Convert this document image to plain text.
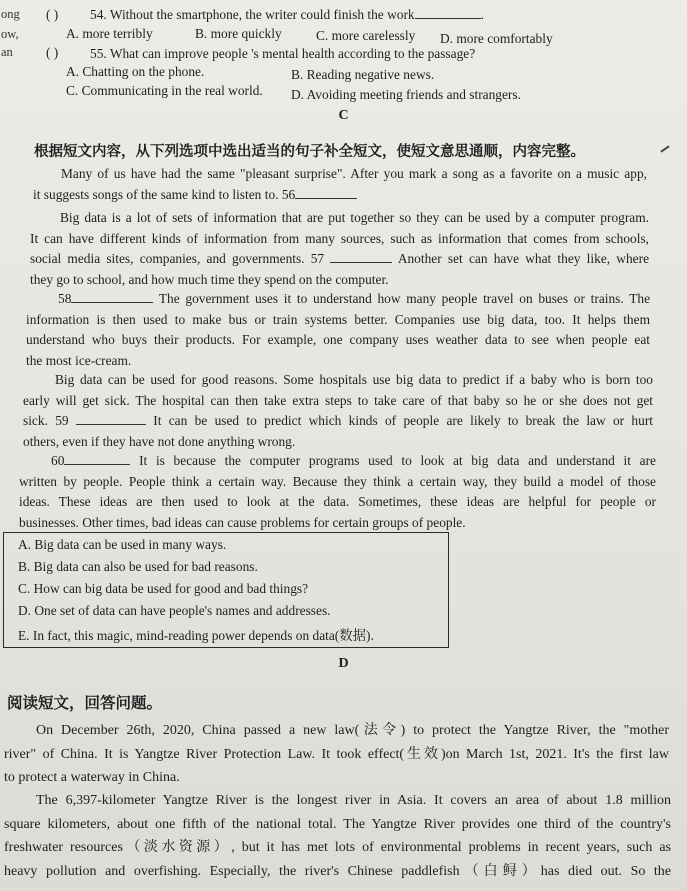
ong
ow,
( ) 54. Without the smartphone, the writer could finish the work	.
A. more terribly	B. more quickly	C. more carelessly D. more comfortably
an ( ) 55. What can improve people 's mental health according to the passage?
A. Chatting on the phone.	B. Reading negative news.
C. Communicating in the real world. D. Avoiding meeting friends and strangers.
C
根据短文内容，从下列选项中选出适当的句子补全短文，使短文意思通顺，内容完整。
Many of us have had the same "pleasant surprise". After you mark a song as a favorite on a music app,
it suggests songs of the same kind to listen to. 56
Big data is a lot of sets of information that are put together so they can be used by a computer program.
It can have different kinds of information from many sources, such as information that comes from schools,
social media sites, companies, and governments. 57	Another set can have what they like, where
they go to school, and how much time they spend on the computer.
58	The government uses it to understand how many people travel on buses or trains. The
information is then used to make bus or train systems better. Companies use big data, too. It helps them
understand who buys their products. For example, one company uses weather data to see when people eat
the most ice-cream.
Big data can be used for good reasons. Some hospitals use big data to predict if a baby who is born too
early will get sick. The hospital can then take extra steps to take care of that baby so he or she does not get
sick. 59	It can be used to predict which kinds of people are likely to break the law or hurt
others, even if they have not done anything wrong.
60	It is because the computer programs used to look at big data and understand it are
written by people. People think a certain way. Because they think a certain way, they build a model of those
ideas. These ideas are then used to look at the data. Sometimes, these ideas are helpful for people or
businesses. Other times, bad ideas can cause problems for certain groups of people.
A. Big data can be used in many ways.
B. Big data can also be used for bad reasons.
C. How can big data be used for good and bad things?
D. One set of data can have people's names and addresses.
E. In fact, this magic, mind-reading power depends on data(数据).
D
阅读短文，回答问题。
On December 26th, 2020, China passed a new law(法令) to protect the Yangtze River, the "mother
river" of China. It is Yangtze River Protection Law. It took effect(生效)on March 1st, 2021. It's the first law
to protect a waterway in China.
The 6,397-kilometer Yangtze River is the longest river in Asia. It covers an area of about 1.8 million
square kilometers, about one fifth of the national total. The Yangtze River provides one third of the country's
freshwater resources（淡水资源）, but it has met lots of environmental problems in recent years, such as
heavy pollution and overfishing. Especially, the river's Chinese paddlefish（白鲟）has died out. So the
